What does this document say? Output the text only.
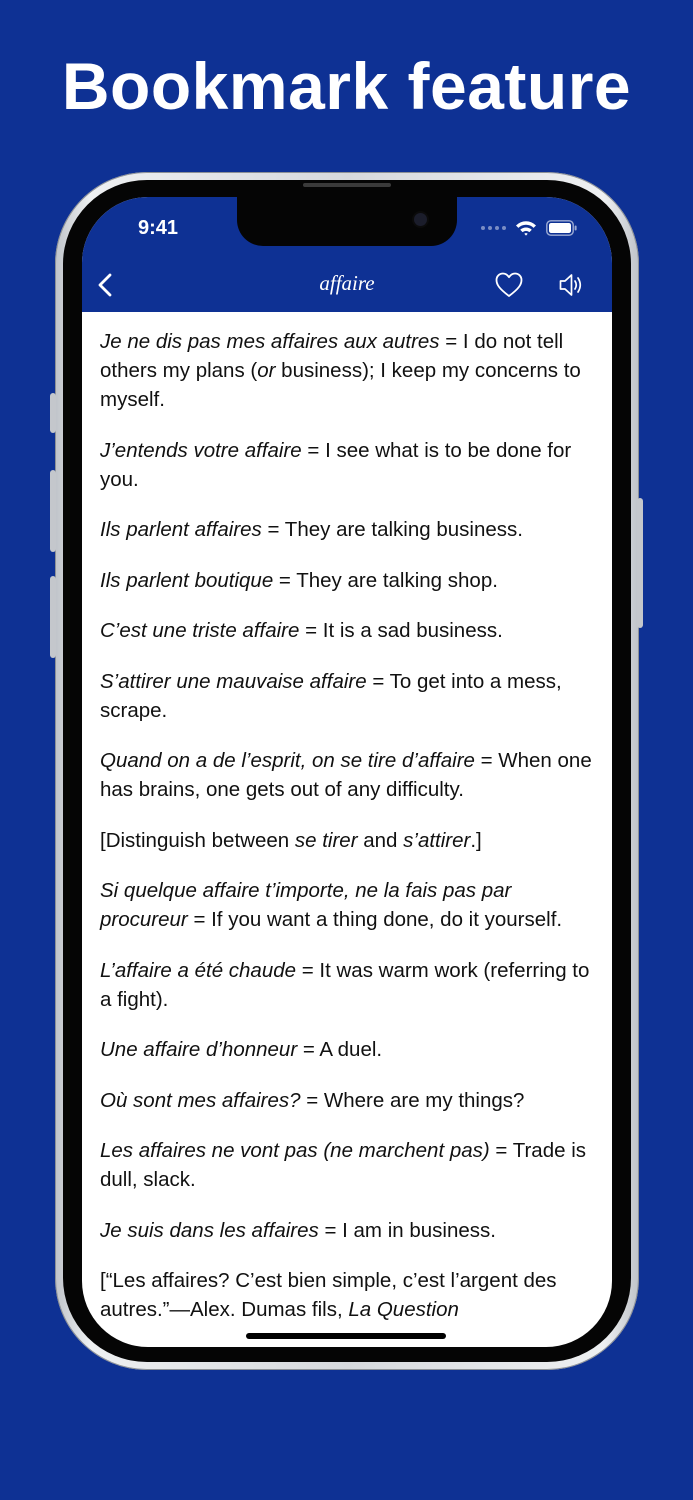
Bookmark feature
9:41
affaire

Je ne dis pas mes affaires aux autres = I do not tell others my plans (or business); I keep my concerns to myself.

J’entends votre affaire = I see what is to be done for you.

Ils parlent affaires = They are talking business.

Ils parlent boutique = They are talking shop.

C’est une triste affaire = It is a sad business.

S’attirer une mauvaise affaire = To get into a mess, scrape.

Quand on a de l’esprit, on se tire d’affaire = When one has brains, one gets out of any difficulty.

[Distinguish between se tirer and s’attirer.]

Si quelque affaire t’importe, ne la fais pas par procureur = If you want a thing done, do it yourself.

L’affaire a été chaude = It was warm work (referring to a fight).

Une affaire d’honneur = A duel.

Où sont mes affaires? = Where are my things?

Les affaires ne vont pas (ne marchent pas) = Trade is dull, slack.

Je suis dans les affaires = I am in business.

[“Les affaires? C’est bien simple, c’est l’argent des autres.”—Alex. Dumas fils, La Question
